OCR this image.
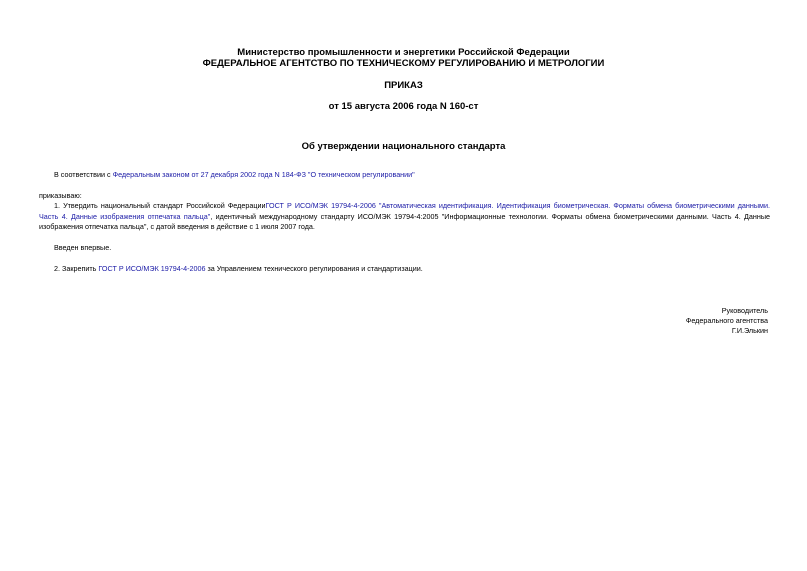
Министерство промышленности и энергетики Российской Федерации
ФЕДЕРАЛЬНОЕ АГЕНТСТВО ПО ТЕХНИЧЕСКОМУ РЕГУЛИРОВАНИЮ И МЕТРОЛОГИИ
ПРИКАЗ
от 15 августа 2006 года N 160-ст
Об утверждении национального стандарта
В соответствии с Федеральным законом от 27 декабря 2002 года N 184-ФЗ "О техническом регулировании"
приказываю:
1. Утвердить национальный стандарт Российской ФедерацииГОСТ Р ИСО/МЭК 19794-4-2006 "Автоматическая идентификация. Идентификация биометрическая. Форматы обмена биометрическими данными. Часть 4. Данные изображения отпечатка пальца", идентичный международному стандарту ИСО/МЭК 19794-4:2005 "Информационные технологии. Форматы обмена биометрическими данными. Часть 4. Данные изображения отпечатка пальца", с датой введения в действие с 1 июля 2007 года.
Введен впервые.
2. Закрепить ГОСТ Р ИСО/МЭК 19794-4-2006 за Управлением технического регулирования и стандартизации.
Руководитель
Федерального агентства
Г.И.Элькин
